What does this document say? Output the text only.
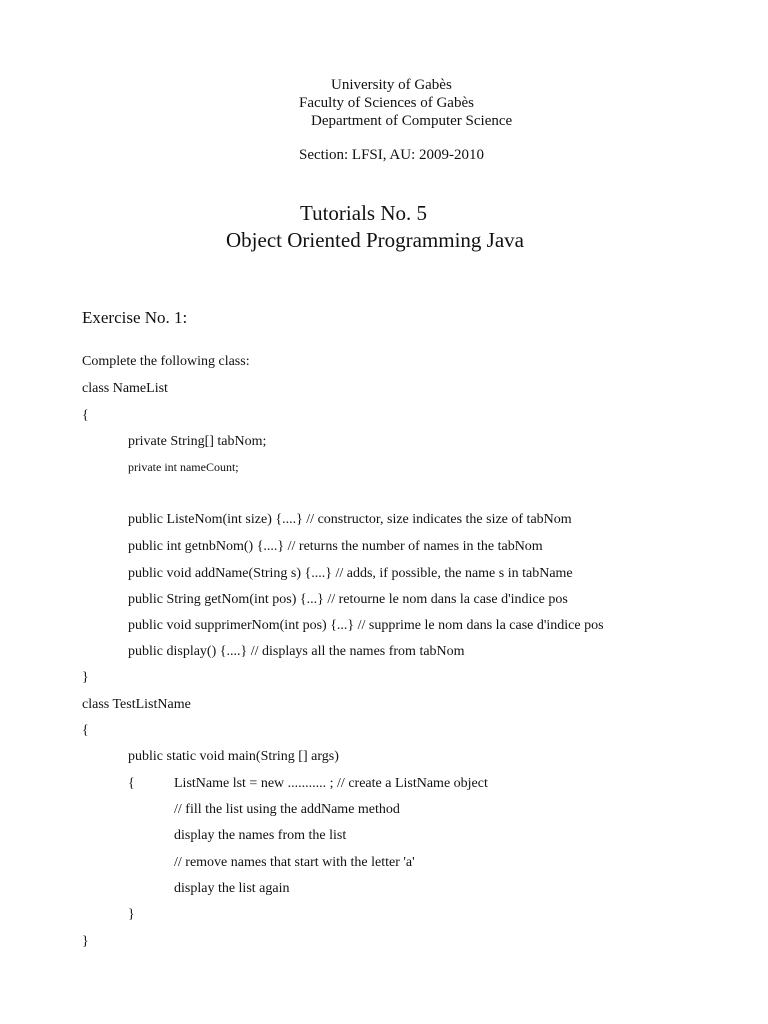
University of Gabès
Faculty of Sciences of Gabès
Department of Computer Science
Section: LFSI, AU: 2009-2010
Tutorials No. 5
Object Oriented Programming Java
Exercise No. 1:
Complete the following class:
class NameList
{
private String[] tabNom;
private int nameCount;
public ListeNom(int size) {....} // constructor, size indicates the size of tabNom
public int getnbNom() {....} // returns the number of names in the tabNom
public void addName(String s) {....} // adds, if possible, the name s in tabName
public String getNom(int pos) {...} // retourne le nom dans la case d'indice pos
public void supprimerNom(int pos) {...} // supprime le nom dans la case d'indice pos
public display() {....} // displays all the names from tabNom
}
class TestListName
{
public static void main(String [] args)
{	ListName lst = new ........... ; // create a ListName object
// fill the list using the addName method
display the names from the list
// remove names that start with the letter 'a'
display the list again
}
}
